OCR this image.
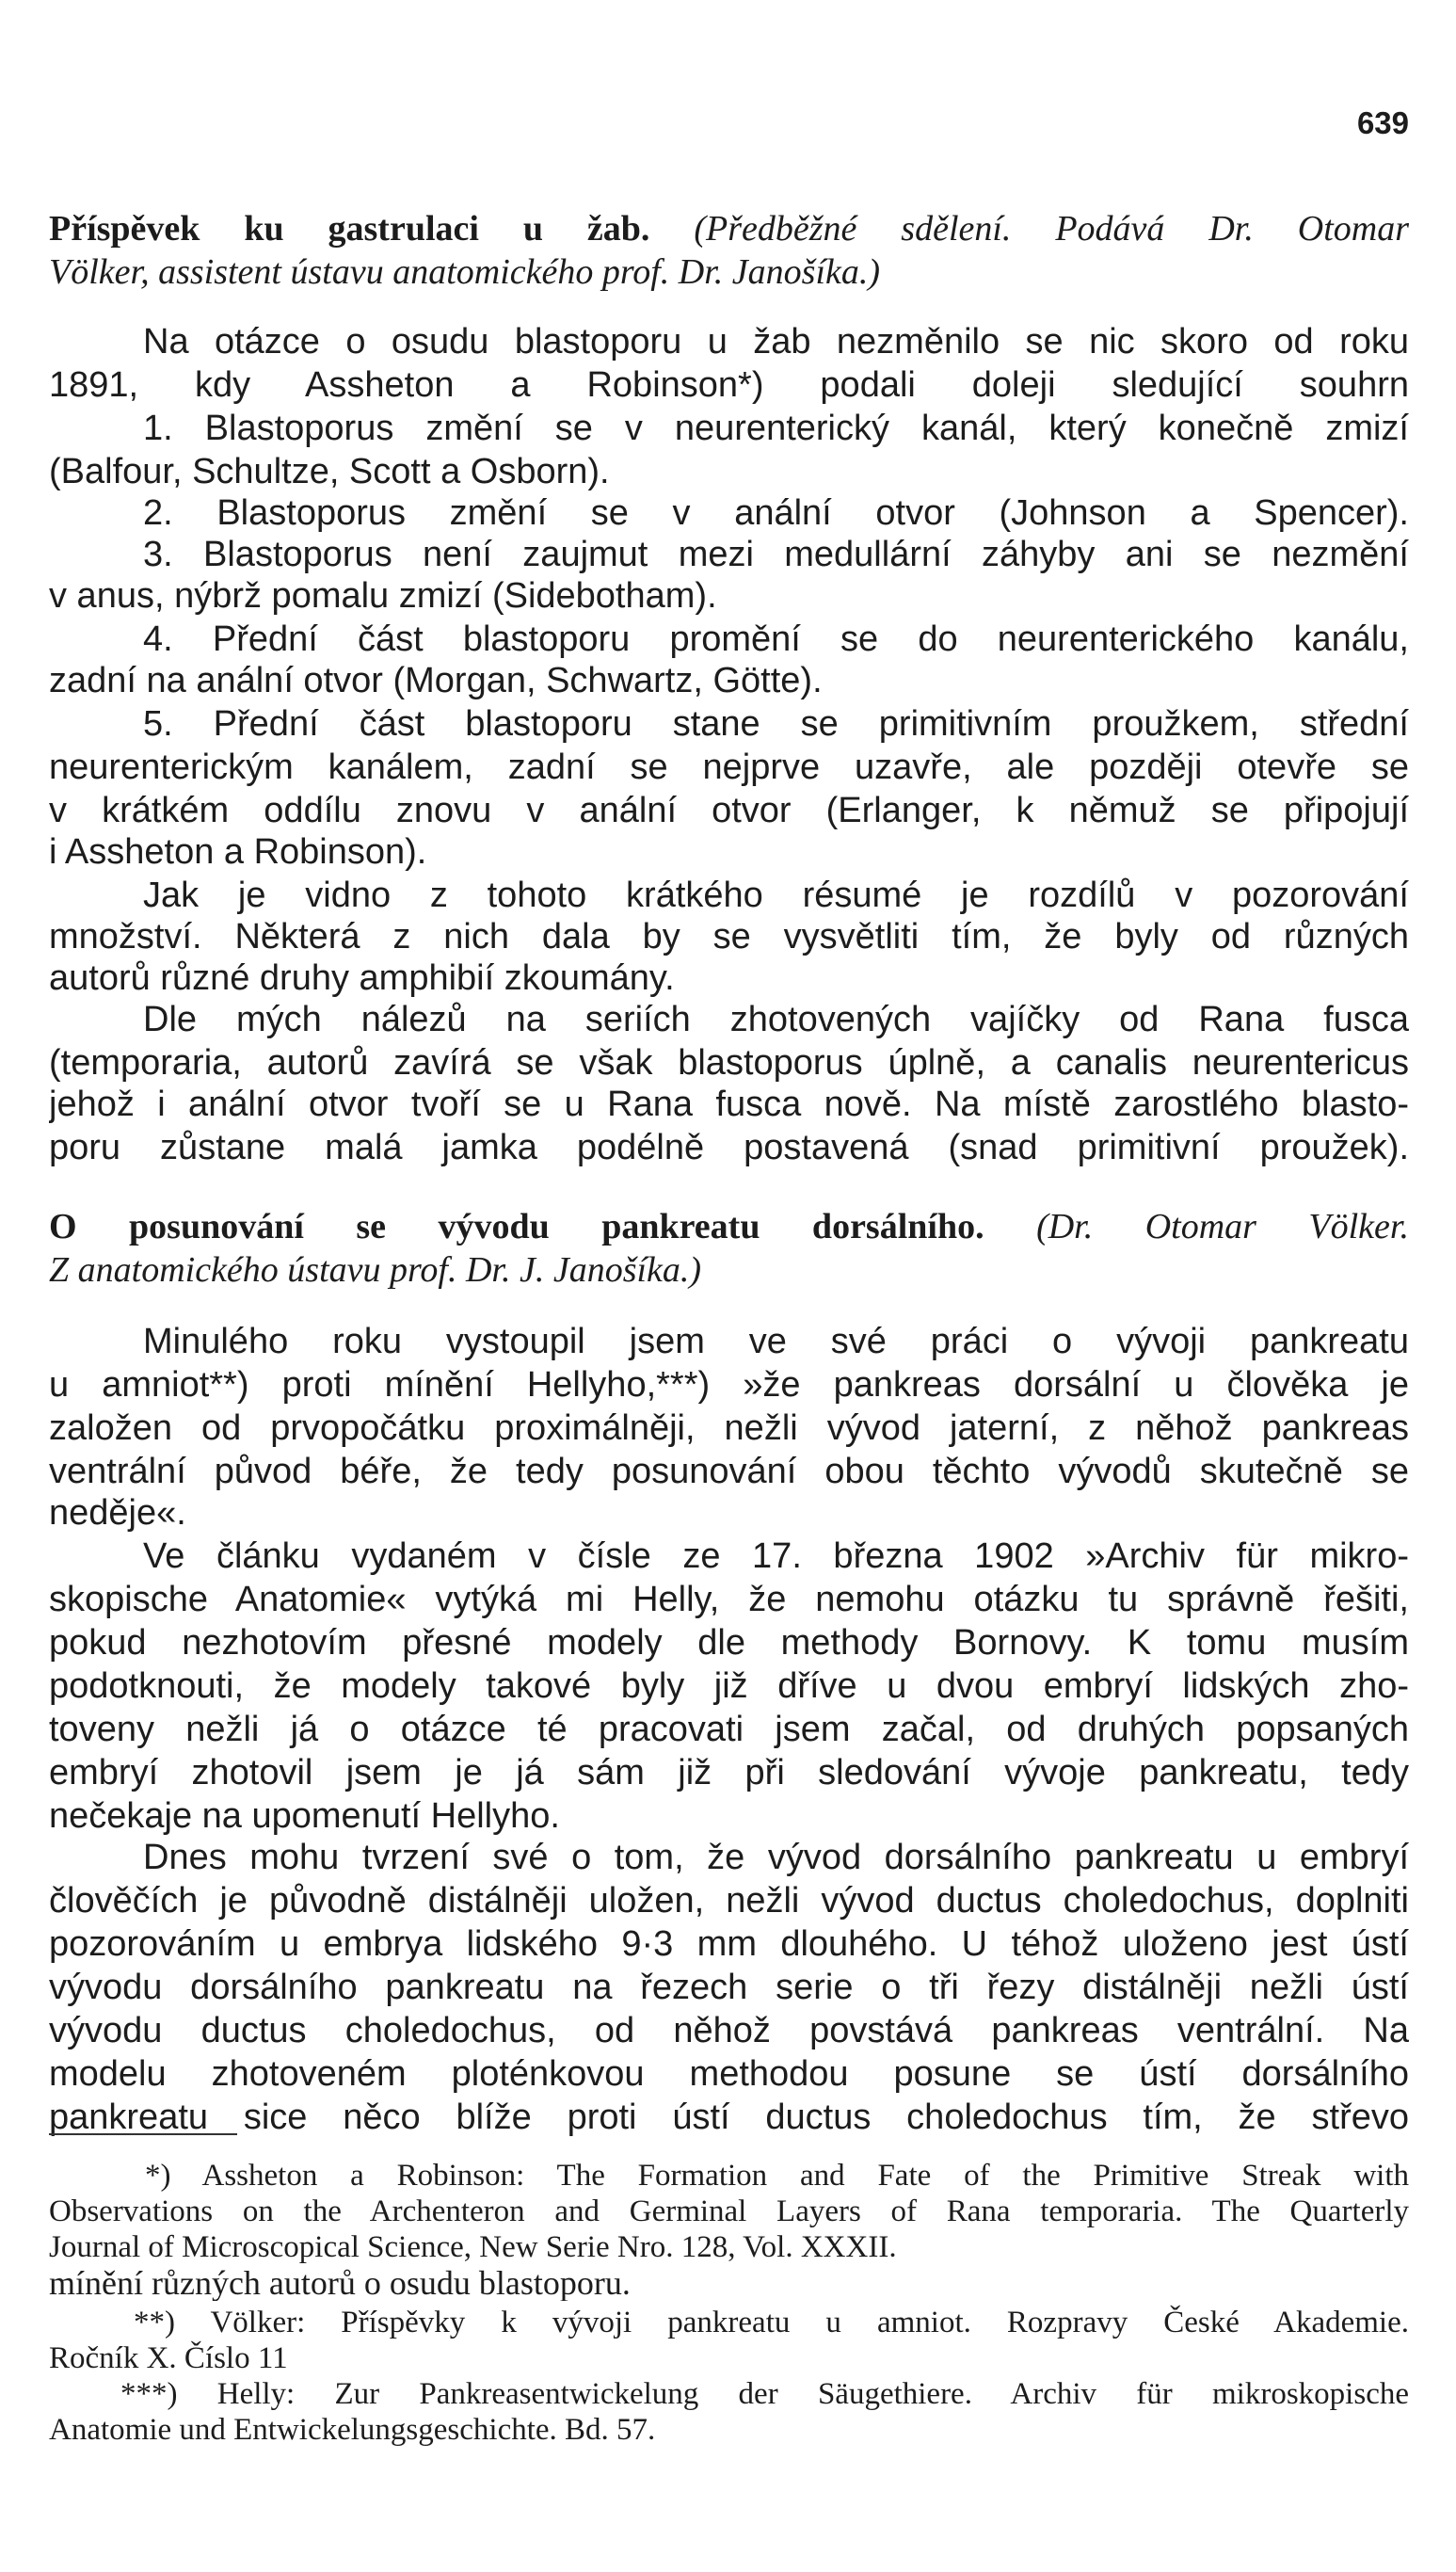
639
Příspěvek ku gastrulaci u žab. (Předběžné sdělení. Podává Dr. Otomar
Völker, assistent ústavu anatomického prof. Dr. Janošíka.)
Na otázce o osudu blastoporu u žab nezměnilo se nic skoro od roku
1891, kdy Assheton a Robinson*) podali doleji sledující souhrn
1. Blastoporus změní se v neurenterický kanál, který konečně zmizí
(Balfour, Schultze, Scott a Osborn).
2. Blastoporus změní se v anální otvor (Johnson a Spencer).
3. Blastoporus není zaujmut mezi medullární záhyby ani se nezmění
v anus, nýbrž pomalu zmizí (Sidebotham).
4. Přední část blastoporu promění se do neurenterického kanálu,
zadní na anální otvor (Morgan, Schwartz, Götte).
5. Přední část blastoporu stane se primitivním proužkem, střední
neurenterickým kanálem, zadní se nejprve uzavře, ale později otevře se
v krátkém oddílu znovu v anální otvor (Erlanger, k němuž se připojují
i Assheton a Robinson).
Jak je vidno z tohoto krátkého résumé je rozdílů v pozorování
množství. Některá z nich dala by se vysvětliti tím, že byly od různých
autorů různé druhy amphibií zkoumány.
Dle mých nálezů na seriích zhotovených vajíčky od Rana fusca
(temporaria, autorů zavírá se však blastoporus úplně, a canalis neurentericus
jehož i anální otvor tvoří se u Rana fusca nově. Na místě zarostlého blasto-
poru zůstane malá jamka podélně postavená (snad primitivní proužek).
O posunování se vývodu pankreatu dorsálního. (Dr. Otomar Völker.
Z anatomického ústavu prof. Dr. J. Janošíka.)
Minulého roku vystoupil jsem ve své práci o vývoji pankreatu
u amniot**) proti mínění Hellyho,***) »že pankreas dorsální u člověka je
založen od prvopočátku proximálněji, nežli vývod jaterní, z něhož pankreas
ventrální původ béře, že tedy posunování obou těchto vývodů skutečně se
neděje«.
Ve článku vydaném v čísle ze 17. března 1902 »Archiv für mikro-
skopische Anatomie« vytýká mi Helly, že nemohu otázku tu správně řešiti,
pokud nezhotovím přesné modely dle methody Bornovy. K tomu musím
podotknouti, že modely takové byly již dříve u dvou embryí lidských zho-
toveny nežli já o otázce té pracovati jsem začal, od druhých popsaných
embryí zhotovil jsem je já sám již při sledování vývoje pankreatu, tedy
nečekaje na upomenutí Hellyho.
Dnes mohu tvrzení své o tom, že vývod dorsálního pankreatu u embryí
člověčích je původně distálněji uložen, nežli vývod ductus choledochus, doplniti
pozorováním u embrya lidského 9·3 mm dlouhého. U téhož uloženo jest ústí
vývodu dorsálního pankreatu na řezech serie o tři řezy distálněji nežli ústí
vývodu ductus choledochus, od něhož povstává pankreas ventrální. Na
modelu zhotoveném ploténkovou methodou posune se ústí dorsálního
pankreatu sice něco blíže proti ústí ductus choledochus tím, že střevo
*) Assheton a Robinson: The Formation and Fate of the Primitive Streak with
Observations on the Archenteron and Germinal Layers of Rana temporaria. The Quarterly
Journal of Microscopical Science, New Serie Nro. 128, Vol. XXXII.
mínění různých autorů o osudu blastoporu.
**) Völker: Příspěvky k vývoji pankreatu u amniot. Rozpravy České Akademie.
Ročník X. Číslo 11
***) Helly: Zur Pankreasentwickelung der Säugethiere. Archiv für mikroskopische
Anatomie und Entwickelungsgeschichte. Bd. 57.
